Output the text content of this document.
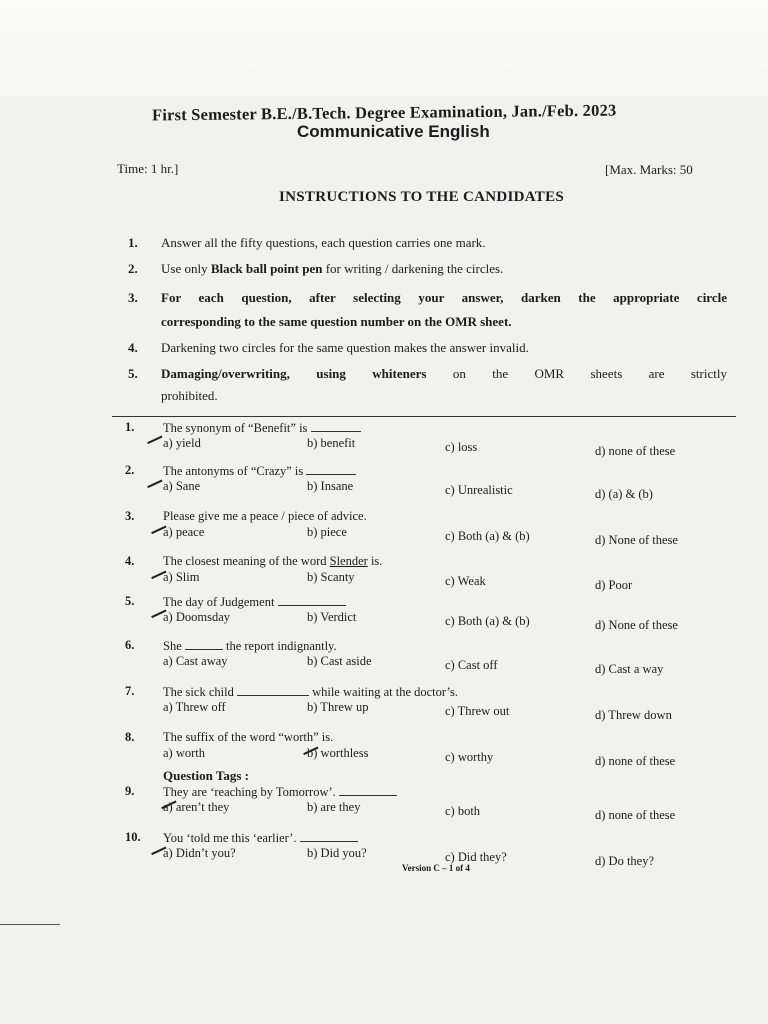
First Semester B.E./B.Tech. Degree Examination, Jan./Feb. 2023
Communicative English
Time: 1 hr.]	[Max. Marks: 50
INSTRUCTIONS TO THE CANDIDATES
1. Answer all the fifty questions, each question carries one mark.
2. Use only Black ball point pen for writing / darkening the circles.
3. For each question, after selecting your answer, darken the appropriate circle
corresponding to the same question number on the OMR sheet.
4. Darkening two circles for the same question makes the answer invalid.
5. Damaging/overwriting, using whiteners on the OMR sheets are strictly
prohibited.
1. The synonym of “Benefit” is
a) yield	b) benefit	c) loss	d) none of these
2. The antonyms of “Crazy” is
a) Sane	b) Insane	c) Unrealistic	d) (a) & (b)
3. Please give me a peace / piece of advice.
a) peace	b) piece	c) Both (a) & (b)	d) None of these
4. The closest meaning of the word Slender is.
a) Slim	b) Scanty	c) Weak	d) Poor
5. The day of Judgement
a) Doomsday	b) Verdict	c) Both (a) & (b)	d) None of these
6. She	the report indignantly.
a) Cast away	b) Cast aside	c) Cast off	d) Cast a way
7. The sick child	while waiting at the doctor’s.
a) Threw off	b) Threw up	c) Threw out	d) Threw down
8. The suffix of the word “worth” is.
a) worth	b) worthless	c) worthy	d) none of these
Question Tags :
9. They are ‘reaching by Tomorrow’.
a) aren’t they	b) are they	c) both	d) none of these
10. You ‘told me this ‘earlier’.
a) Didn’t you?	b) Did you?	c) Did they?	d) Do they?
Version C – 1 of 4
